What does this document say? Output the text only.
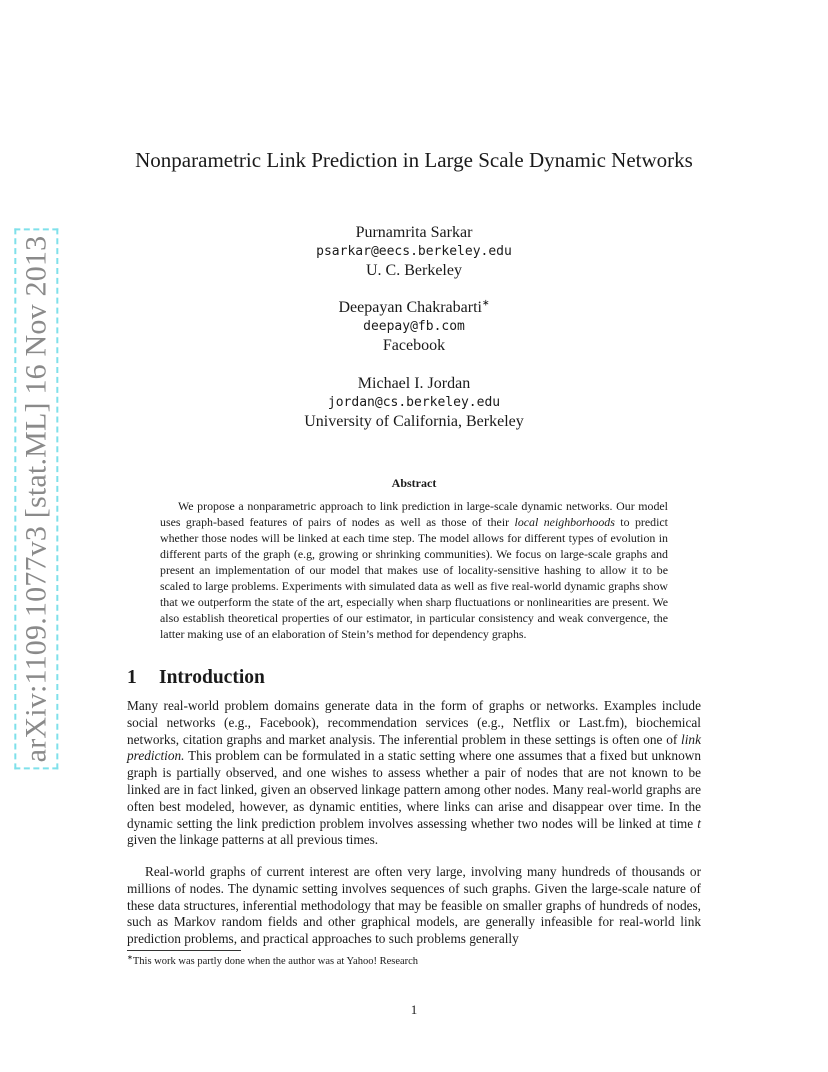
arXiv:1109.1077v3 [stat.ML] 16 Nov 2013
Nonparametric Link Prediction in Large Scale Dynamic Networks
Purnamrita Sarkar
psarkar@eecs.berkeley.edu
U. C. Berkeley
Deepayan Chakrabarti∗
deepay@fb.com
Facebook
Michael I. Jordan
jordan@cs.berkeley.edu
University of California, Berkeley
Abstract
We propose a nonparametric approach to link prediction in large-scale dynamic networks. Our model uses graph-based features of pairs of nodes as well as those of their local neighborhoods to predict whether those nodes will be linked at each time step. The model allows for different types of evolution in different parts of the graph (e.g, growing or shrinking communities). We focus on large-scale graphs and present an implementation of our model that makes use of locality-sensitive hashing to allow it to be scaled to large problems. Experiments with simulated data as well as five real-world dynamic graphs show that we outperform the state of the art, especially when sharp fluctuations or nonlinearities are present. We also establish theoretical properties of our estimator, in particular consistency and weak convergence, the latter making use of an elaboration of Stein’s method for dependency graphs.
1 Introduction

Many real-world problem domains generate data in the form of graphs or networks. Examples include social networks (e.g., Facebook), recommendation services (e.g., Netflix or Last.fm), biochemical networks, citation graphs and market analysis. The inferential problem in these settings is often one of link prediction. This problem can be formulated in a static setting where one assumes that a fixed but unknown graph is partially observed, and one wishes to assess whether a pair of nodes that are not known to be linked are in fact linked, given an observed linkage pattern among other nodes. Many real-world graphs are often best modeled, however, as dynamic entities, where links can arise and disappear over time. In the dynamic setting the link prediction problem involves assessing whether two nodes will be linked at time t given the linkage patterns at all previous times.

Real-world graphs of current interest are often very large, involving many hundreds of thousands or millions of nodes. The dynamic setting involves sequences of such graphs. Given the large-scale nature of these data structures, inferential methodology that may be feasible on smaller graphs of hundreds of nodes, such as Markov random fields and other graphical models, are generally infeasible for real-world link prediction problems, and practical approaches to such problems generally

∗This work was partly done when the author was at Yahoo! Research
1
